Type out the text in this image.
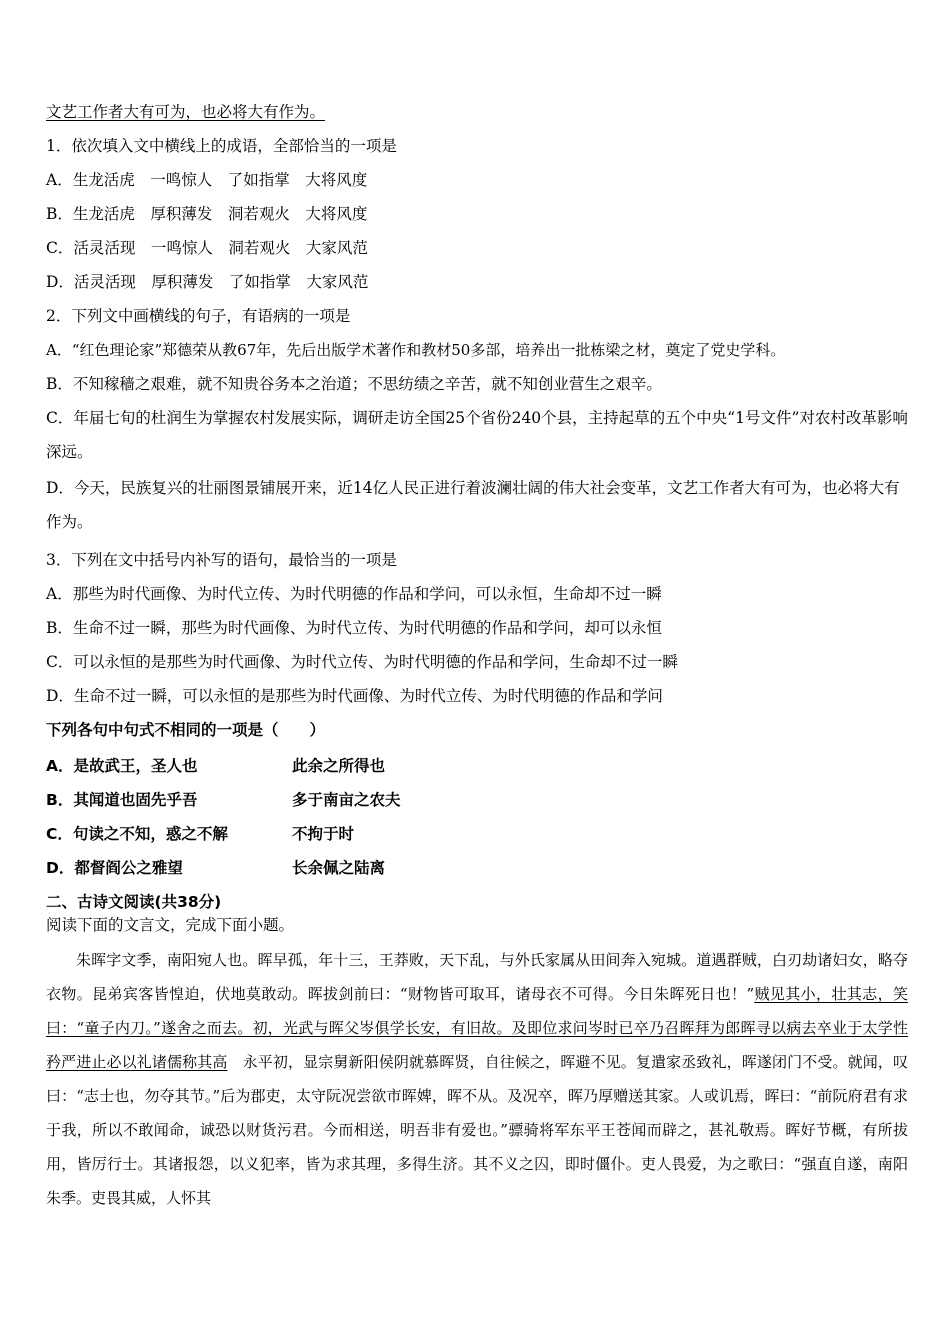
文艺工作者大有可为，也必将大有作为。
1．依次填入文中横线上的成语，全部恰当的一项是
A．生龙活虎　一鸣惊人　了如指掌　大将风度
B．生龙活虎　厚积薄发　洞若观火　大将风度
C．活灵活现　一鸣惊人　洞若观火　大家风范
D．活灵活现　厚积薄发　了如指掌　大家风范
2．下列文中画横线的句子，有语病的一项是
A．“红色理论家”郑德荣从教67年，先后出版学术著作和教材50多部，培养出一批栋梁之材，奠定了党史学科。
B．不知稼穑之艰难，就不知贵谷务本之治道；不思纺绩之辛苦，就不知创业营生之艰辛。
C．年届七旬的杜润生为掌握农村发展实际，调研走访全国25个省份240个县，主持起草的五个中央“1号文件”对农村改革影响深远。
D．今天，民族复兴的壮丽图景铺展开来，近14亿人民正进行着波澜壮阔的伟大社会变革，文艺工作者大有可为，也必将大有作为。
3．下列在文中括号内补写的语句，最恰当的一项是
A．那些为时代画像、为时代立传、为时代明德的作品和学问，可以永恒，生命却不过一瞬
B．生命不过一瞬，那些为时代画像、为时代立传、为时代明德的作品和学问，却可以永恒
C．可以永恒的是那些为时代画像、为时代立传、为时代明德的作品和学问，生命却不过一瞬
D．生命不过一瞬，可以永恒的是那些为时代画像、为时代立传、为时代明德的作品和学问
下列各句中句式不相同的一项是（　　）
A．是故武王，圣人也	此余之所得也
B．其闻道也固先乎吾	多于南亩之农夫
C．句读之不知，惑之不解	不拘于时
D．都督阎公之雅望	长余佩之陆离
二、古诗文阅读(共38分)
阅读下面的文言文，完成下面小题。

朱晖字文季，南阳宛人也。晖早孤，年十三，王莽败，天下乱，与外氏家属从田间奔入宛城。道遇群贼，白刃劫诸妇女，略夺衣物。昆弟宾客皆惶迫，伏地莫敢动。晖拔剑前曰：“财物皆可取耳，诸母衣不可得。今日朱晖死日也！”贼见其小，壮其志，笑曰：“童子内刀。”遂舍之而去。初，光武与晖父岑俱学长安，有旧故。及即位求问岑时已卒乃召晖拜为郎晖寻以病去卒业于太学性矜严进止必以礼诸儒称其高　 永平初，显宗舅新阳侯阴就慕晖贤，自往候之，晖避不见。复遣家丞致礼，晖遂闭门不受。就闻，叹曰：“志士也，勿夺其节。”后为郡吏，太守阮况尝欲市晖婢，晖不从。及况卒，晖乃厚赠送其家。人或讥焉，晖曰：“前阮府君有求于我，所以不敢闻命，诚恐以财货污君。今而相送，明吾非有爱也。”骠骑将军东平王苍闻而辟之，甚礼敬焉。晖好节概，有所拔用，皆厉行士。其诸报怨，以义犯率，皆为求其理，多得生济。其不义之囚，即时僵仆。吏人畏爱，为之歌曰：“强直自遂，南阳朱季。吏畏其威，人怀其
